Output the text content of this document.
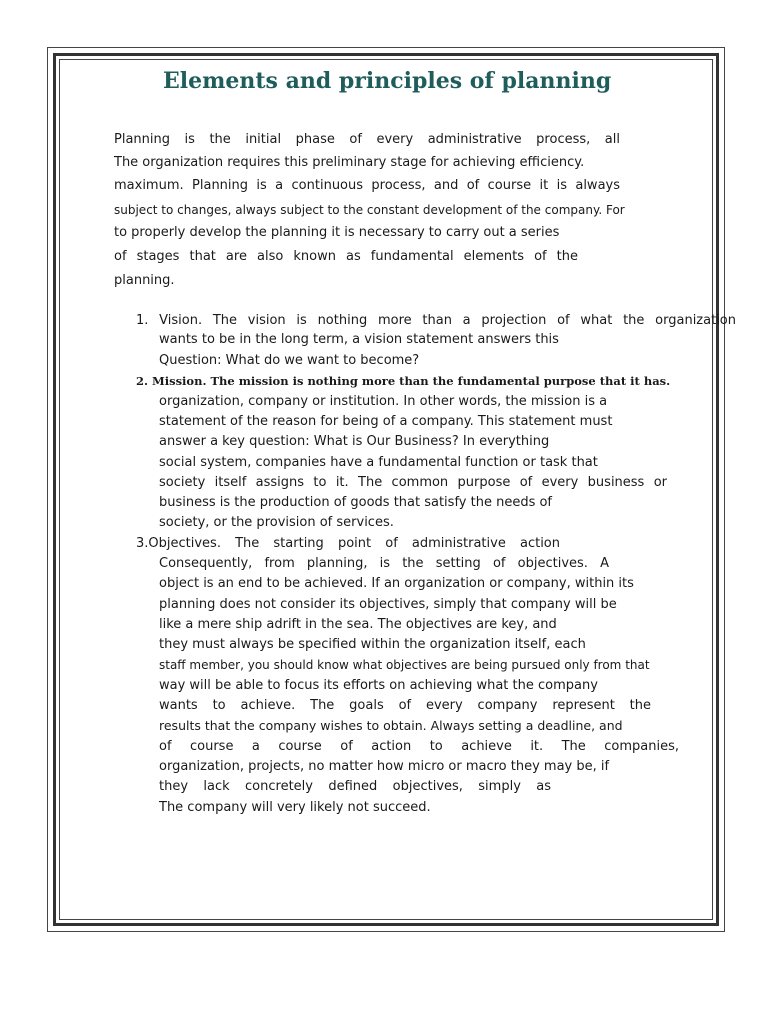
Elements and principles of planning
Planning is the initial phase of every administrative process, all
The organization requires this preliminary stage for achieving efficiency.
maximum. Planning is a continuous process, and of course it is always
subject to changes, always subject to the constant development of the company. For
to properly develop the planning it is necessary to carry out a series
of stages that are also known as fundamental elements of the
planning.
1. Vision. The vision is nothing more than a projection of what the organization
wants to be in the long term, a vision statement answers this
Question: What do we want to become?
2. Mission. The mission is nothing more than the fundamental purpose that it has.
organization, company or institution. In other words, the mission is a
statement of the reason for being of a company. This statement must
answer a key question: What is Our Business? In everything
social system, companies have a fundamental function or task that
society itself assigns to it. The common purpose of every business or
business is the production of goods that satisfy the needs of
society, or the provision of services.
3.Objectives. The starting point of administrative action
Consequently, from planning, is the setting of objectives. A
object is an end to be achieved. If an organization or company, within its
planning does not consider its objectives, simply that company will be
like a mere ship adrift in the sea. The objectives are key, and
they must always be specified within the organization itself, each
staff member, you should know what objectives are being pursued only from that
way will be able to focus its efforts on achieving what the company
wants to achieve. The goals of every company represent the
results that the company wishes to obtain. Always setting a deadline, and
of course a course of action to achieve it. The companies,
organization, projects, no matter how micro or macro they may be, if
they lack concretely defined objectives, simply as
The company will very likely not succeed.
